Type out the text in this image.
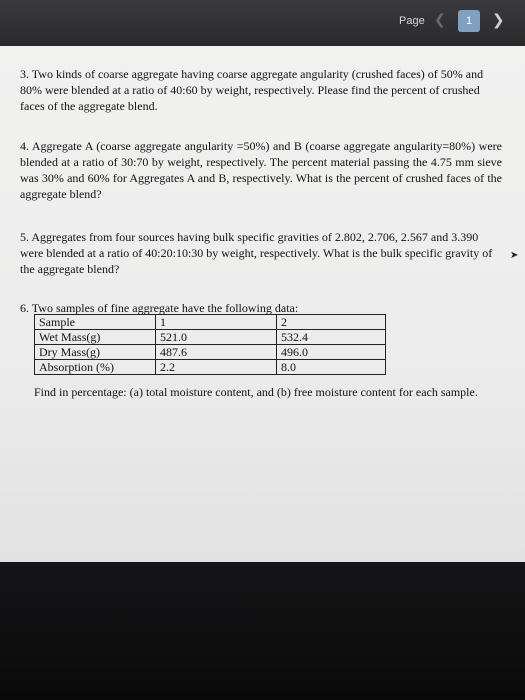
Page ❮	1	❯

3. Two kinds of coarse aggregate having coarse aggregate angularity (crushed faces) of 50% and 80% were blended at a ratio of 40:60 by weight, respectively. Please find the percent of crushed faces of the aggregate blend.

4. Aggregate A (coarse aggregate angularity =50%) and B (coarse aggregate angularity=80%) were blended at a ratio of 30:70 by weight, respectively. The percent material passing the 4.75 mm sieve was 30% and 60% for Aggregates A and B, respectively. What is the percent of crushed faces of the aggregate blend?

5. Aggregates from four sources having bulk specific gravities of 2.802, 2.706, 2.567 and 3.390 were blended at a ratio of 40:20:10:30 by weight, respectively. What is the bulk specific gravity of the aggregate blend?

6. Two samples of fine aggregate have the following data:

Sample	1	2
Wet Mass(g)	521.0	532.4
Dry Mass(g)	487.6	496.0
Absorption (%)	2.2	8.0

Find in percentage: (a) total moisture content, and (b) free moisture content for each sample.

➤
